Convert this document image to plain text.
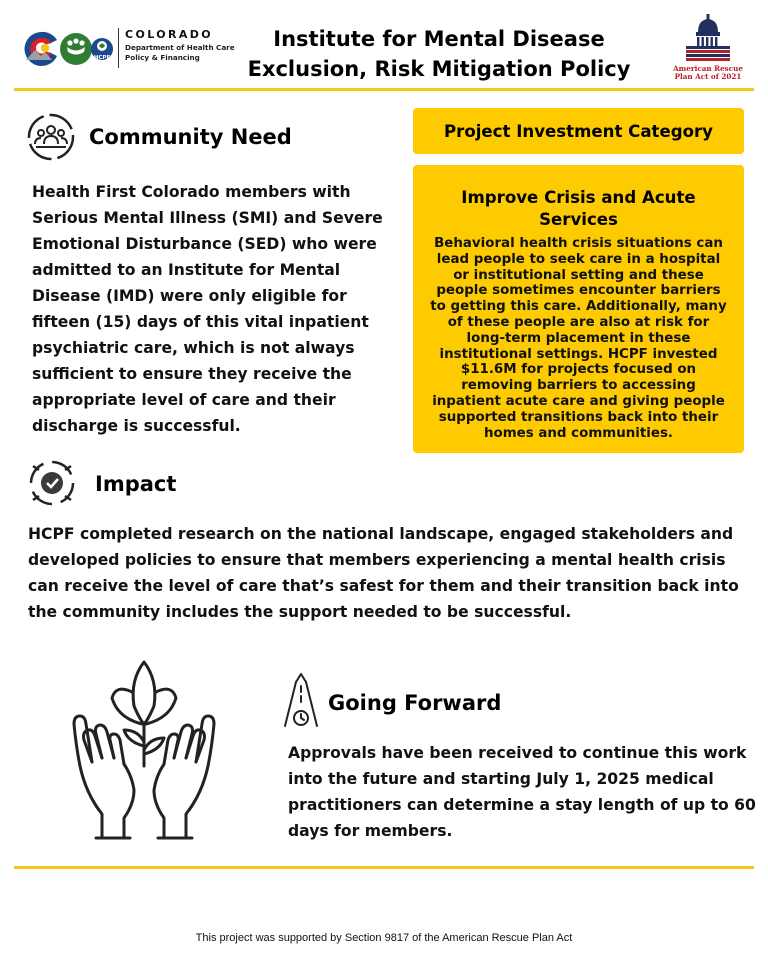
HCPF
COLORADO
Department of Health Care
Policy & Financing
Institute for Mental Disease
Exclusion, Risk Mitigation Policy	American Rescue
Plan Act of 2021
Community Need
Health First Colorado members with
Serious Mental Illness (SMI) and Severe
Emotional Disturbance (SED) who were
admitted to an Institute for Mental
Disease (IMD) were only eligible for
fifteen (15) days of this vital inpatient
psychiatric care, which is not always
sufficient to ensure they receive the
appropriate level of care and their
discharge is successful.
Project Investment Category
Improve Crisis and Acute Services
Behavioral health crisis situations can
lead people to seek care in a hospital
or institutional setting and these
people sometimes encounter barriers
to getting this care. Additionally, many
of these people are also at risk for
long-term placement in these
institutional settings. HCPF invested
$11.6M for projects focused on
removing barriers to accessing
inpatient acute care and giving people
supported transitions back into their
homes and communities.
Impact
HCPF completed research on the national landscape, engaged stakeholders and
developed policies to ensure that members experiencing a mental health crisis
can receive the level of care that’s safest for them and their transition back into
the community includes the support needed to be successful.
Going Forward
Approvals have been received to continue this work
into the future and starting July 1, 2025 medical
practitioners can determine a stay length of up to 60
days for members.
This project was supported by Section 9817 of the American Rescue Plan Act
